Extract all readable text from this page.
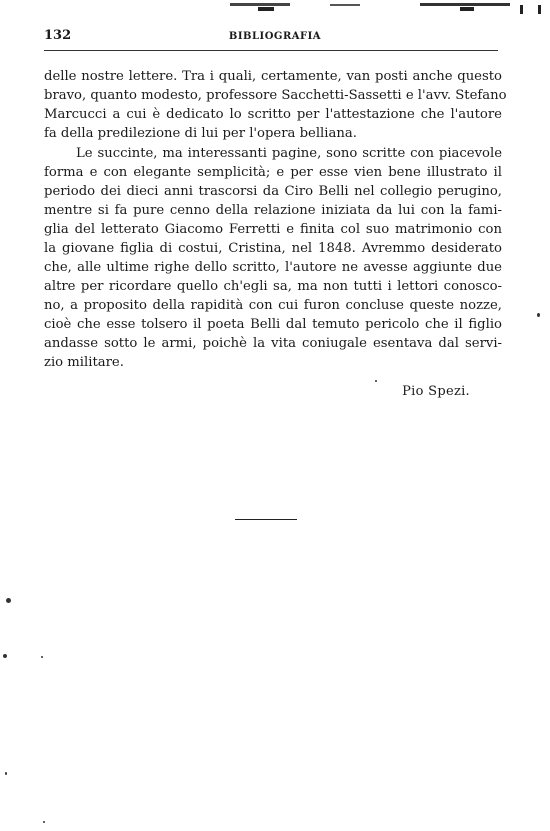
132	BIBLIOGRAFIA
delle nostre lettere. Tra i quali, certamente, van posti anche questo
bravo, quanto modesto, professore Sacchetti-Sassetti e l'avv. Stefano
Marcucci a cui è dedicato lo scritto per l'attestazione che l'autore
fa della predilezione di lui per l'opera belliana.
Le succinte, ma interessanti pagine, sono scritte con piacevole
forma e con elegante semplicità; e per esse vien bene illustrato il
periodo dei dieci anni trascorsi da Ciro Belli nel collegio perugino,
mentre si fa pure cenno della relazione iniziata da lui con la fami-
glia del letterato Giacomo Ferretti e finita col suo matrimonio con
la giovane figlia di costui, Cristina, nel 1848. Avremmo desiderato
che, alle ultime righe dello scritto, l'autore ne avesse aggiunte due
altre per ricordare quello ch'egli sa, ma non tutti i lettori conosco-
no, a proposito della rapidità con cui furon concluse queste nozze,
cioè che esse tolsero il poeta Belli dal temuto pericolo che il figlio
andasse sotto le armi, poichè la vita coniugale esentava dal servi-
zio militare.
Pio Spezi.
